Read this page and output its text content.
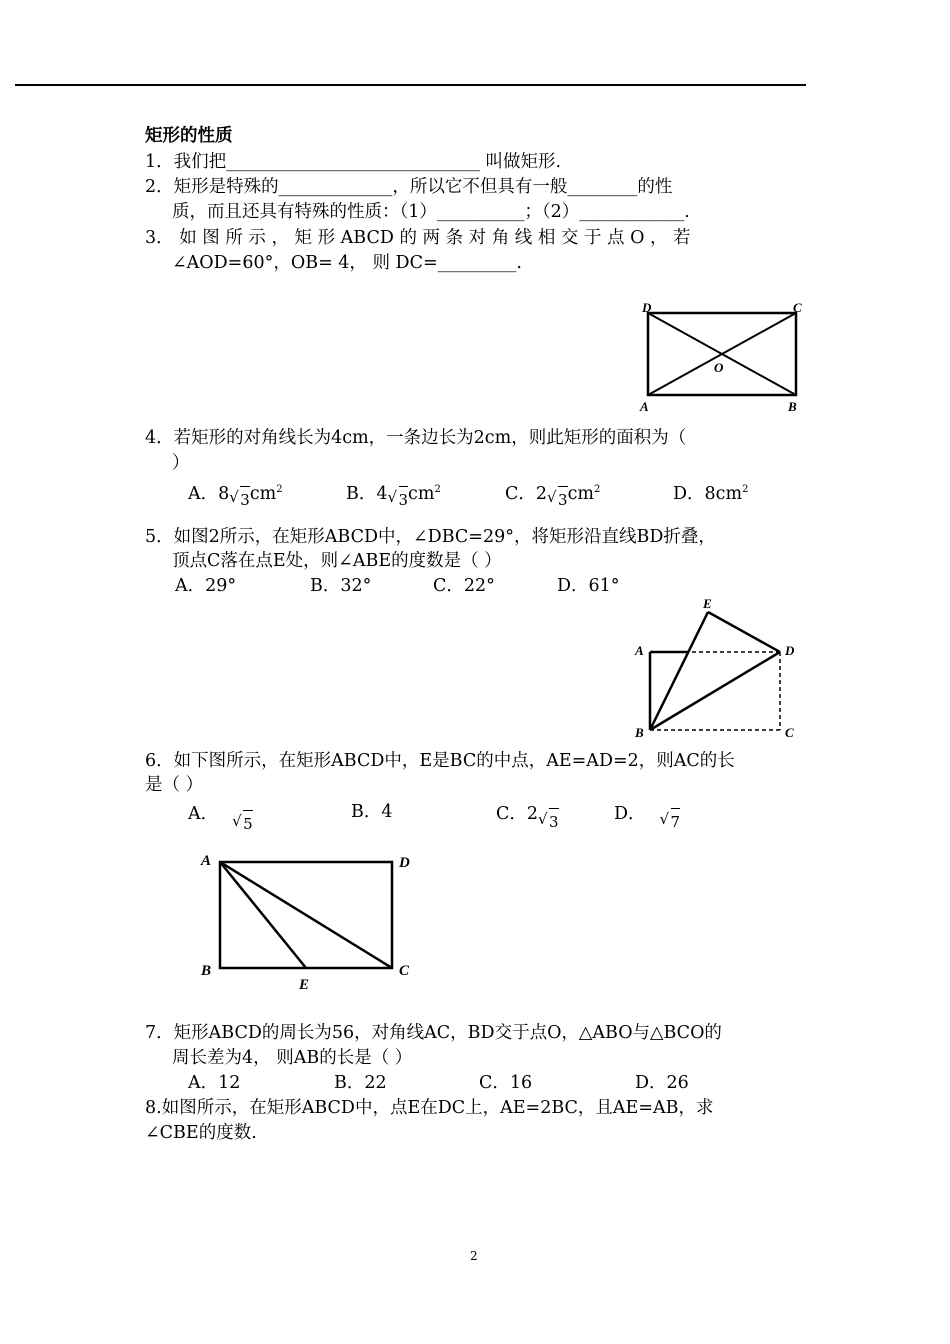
矩形的性质
1．我们把_____________________________ 叫做矩形.
2．矩形是特殊的_____________，所以它不但具有一般________的性
质，而且还具有特殊的性质：（1）__________；（2）____________.
3． 如 图 所 示 ， 矩 形 ABCD 的 两 条 对 角 线 相 交 于 点 O ， 若
∠AOD=60°，OB= 4， 则 DC=_________.
D	C
O
A	B
4．若矩形的对角线长为4cm，一条边长为2cm，则此矩形的面积为（
）
A．8 √ $3cm^2$	B．4 √ $3cm^2$	C．2 √ $3cm^2$	D．$8cm^2$
5．如图2所示，在矩形ABCD中，∠DBC=29°，将矩形沿直线BD折叠，
顶点C落在点E处，则∠ABE的度数是（ ）
A．29°	B．32°	C．22°	D．61°
E
A	D
B	C
6．如下图所示，在矩形ABCD中，E是BC的中点，AE=AD=2，则AC的长
是（ ）
A． √ 5
B．4	C．2 √ 3	D． √ 7
A	D
B
E
C
7．矩形ABCD的周长为56，对角线AC，BD交于点O，△ABO与△BCO的
周长差为4， 则AB的长是（ ）
A．12	B．22	C．16	D．26
8.如图所示，在矩形ABCD中，点E在DC上，AE=2BC，且AE=AB，求
∠CBE的度数.
2
